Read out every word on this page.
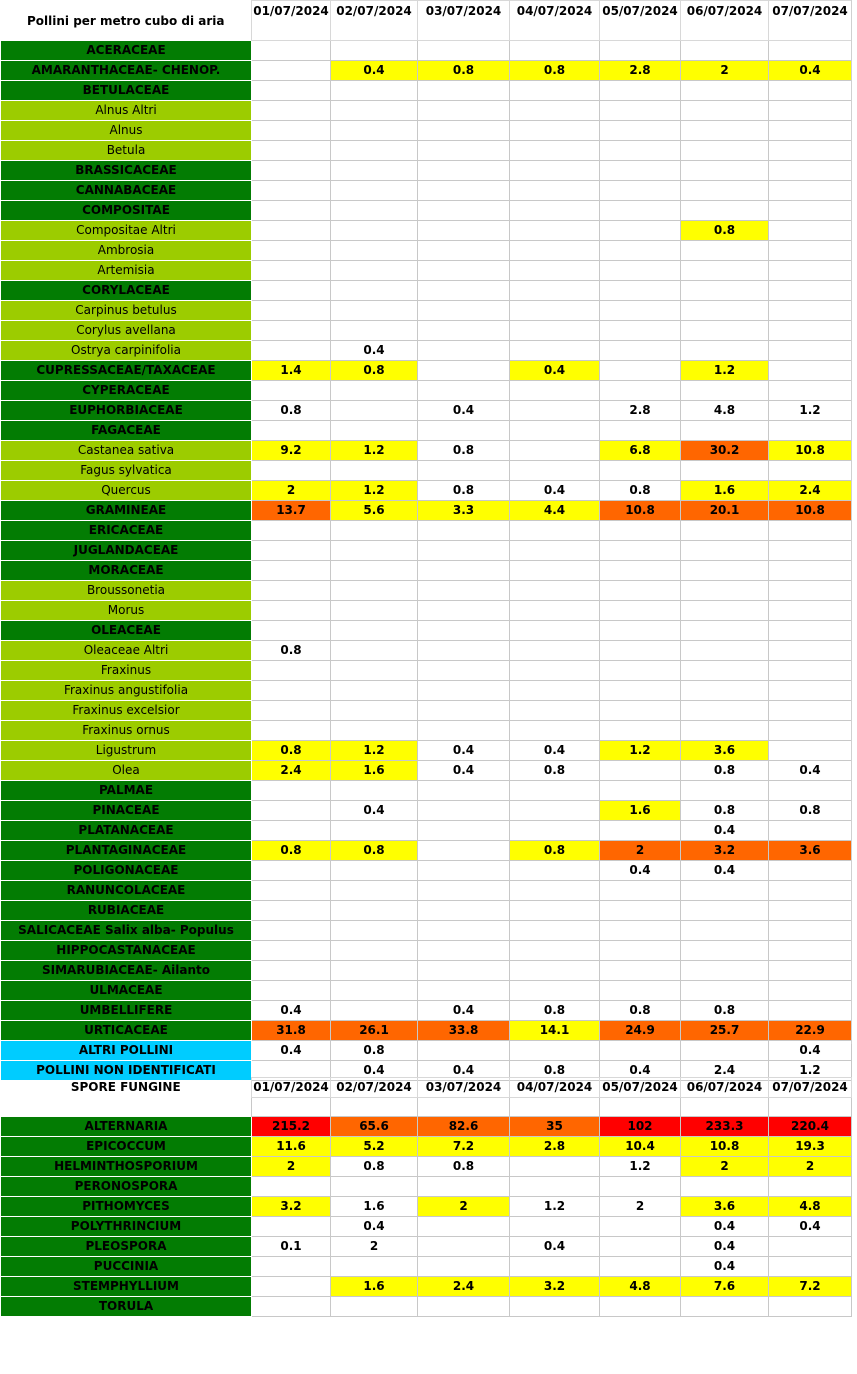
Pollini per metro cubo di aria	01/07/2024	02/07/2024	03/07/2024	04/07/2024	05/07/2024	06/07/2024	07/07/2024
ACERACEAE							
AMARANTHACEAE- CHENOP.		0.4	0.8	0.8	2.8	2	0.4
BETULACEAE							
Alnus Altri							
Alnus							
Betula							
BRASSICACEAE							
CANNABACEAE							
COMPOSITAE							
Compositae Altri						0.8	
Ambrosia							
Artemisia							
CORYLACEAE							
Carpinus betulus							
Corylus avellana							
Ostrya carpinifolia		0.4					
CUPRESSACEAE/TAXACEAE	1.4	0.8		0.4		1.2	
CYPERACEAE							
EUPHORBIACEAE	0.8		0.4		2.8	4.8	1.2
FAGACEAE							
Castanea sativa	9.2	1.2	0.8		6.8	30.2	10.8
Fagus sylvatica							
Quercus	2	1.2	0.8	0.4	0.8	1.6	2.4
GRAMINEAE	13.7	5.6	3.3	4.4	10.8	20.1	10.8
ERICACEAE							
JUGLANDACEAE							
MORACEAE							
Broussonetia							
Morus							
OLEACEAE							
Oleaceae Altri	0.8						
Fraxinus							
Fraxinus angustifolia							
Fraxinus excelsior							
Fraxinus ornus							
Ligustrum	0.8	1.2	0.4	0.4	1.2	3.6	
Olea	2.4	1.6	0.4	0.8		0.8	0.4
PALMAE							
PINACEAE		0.4			1.6	0.8	0.8
PLATANACEAE						0.4	
PLANTAGINACEAE	0.8	0.8		0.8	2	3.2	3.6
POLIGONACEAE					0.4	0.4	
RANUNCOLACEAE							
RUBIACEAE							
SALICACEAE Salix alba- Populus							
HIPPOCASTANACEAE							
SIMARUBIACEAE- Ailanto							
ULMACEAE							
UMBELLIFERE	0.4		0.4	0.8	0.8	0.8	
URTICACEAE	31.8	26.1	33.8	14.1	24.9	25.7	22.9
ALTRI POLLINI	0.4	0.8					0.4
POLLINI NON IDENTIFICATI		0.4	0.4	0.8	0.4	2.4	1.2
SPORE FUNGINE	01/07/2024	02/07/2024	03/07/2024	04/07/2024	05/07/2024	06/07/2024	07/07/2024

ALTERNARIA	215.2	65.6	82.6	35	102	233.3	220.4
EPICOCCUM	11.6	5.2	7.2	2.8	10.4	10.8	19.3
HELMINTHOSPORIUM	2	0.8	0.8		1.2	2	2
PERONOSPORA							
PITHOMYCES	3.2	1.6	2	1.2	2	3.6	4.8
POLYTHRINCIUM		0.4				0.4	0.4
PLEOSPORA	0.1	2		0.4		0.4	
PUCCINIA						0.4	
STEMPHYLLIUM		1.6	2.4	3.2	4.8	7.6	7.2
TORULA							
